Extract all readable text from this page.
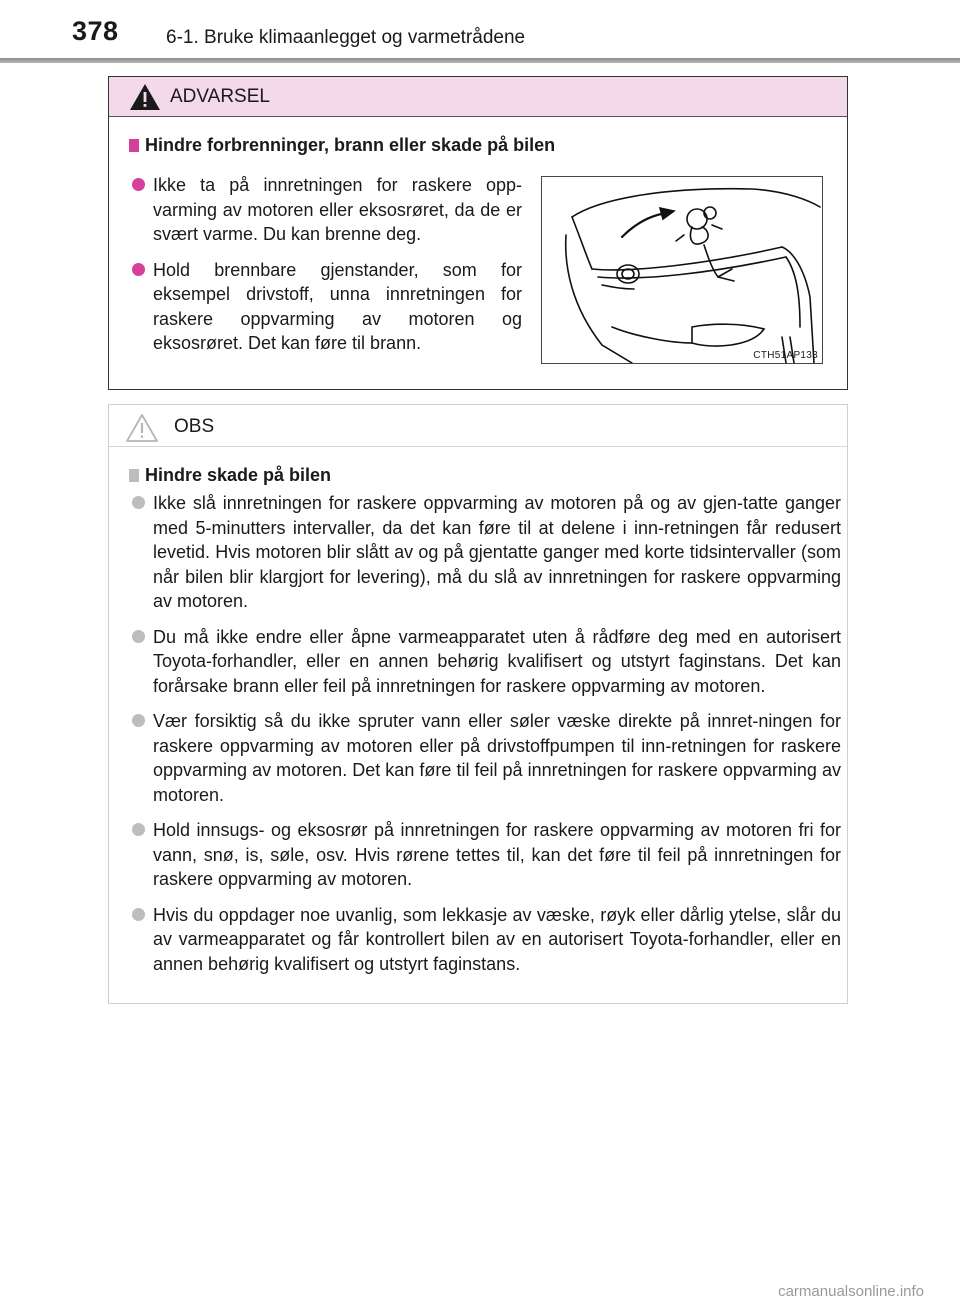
378 6-1. Bruke klimaanlegget og varmetrådene
ADVARSEL
Hindre forbrenninger, brann eller skade på bilen
Ikke ta på innretningen for raskere opp-varming av motoren eller eksosrøret, da de er svært varme. Du kan brenne deg.
Hold brennbare gjenstander, som for eksempel drivstoff, unna innretningen for raskere oppvarming av motoren og eksosrøret. Det kan føre til brann.
CTH51AP133
OBS
Hindre skade på bilen
Ikke slå innretningen for raskere oppvarming av motoren på og av gjen-tatte ganger med 5-minutters intervaller, da det kan føre til at delene i inn-retningen får redusert levetid. Hvis motoren blir slått av og på gjentatte ganger med korte tidsintervaller (som når bilen blir klargjort for levering), må du slå av innretningen for raskere oppvarming av motoren.
Du må ikke endre eller åpne varmeapparatet uten å rådføre deg med en autorisert Toyota-forhandler, eller en annen behørig kvalifisert og utstyrt faginstans. Det kan forårsake brann eller feil på innretningen for raskere oppvarming av motoren.
Vær forsiktig så du ikke spruter vann eller søler væske direkte på innret-ningen for raskere oppvarming av motoren eller på drivstoffpumpen til inn-retningen for raskere oppvarming av motoren. Det kan føre til feil på innretningen for raskere oppvarming av motoren.
Hold innsugs- og eksosrør på innretningen for raskere oppvarming av motoren fri for vann, snø, is, søle, osv. Hvis rørene tettes til, kan det føre til feil på innretningen for raskere oppvarming av motoren.
Hvis du oppdager noe uvanlig, som lekkasje av væske, røyk eller dårlig ytelse, slår du av varmeapparatet og får kontrollert bilen av en autorisert Toyota-forhandler, eller en annen behørig kvalifisert og utstyrt faginstans.
carmanualsonline.info
